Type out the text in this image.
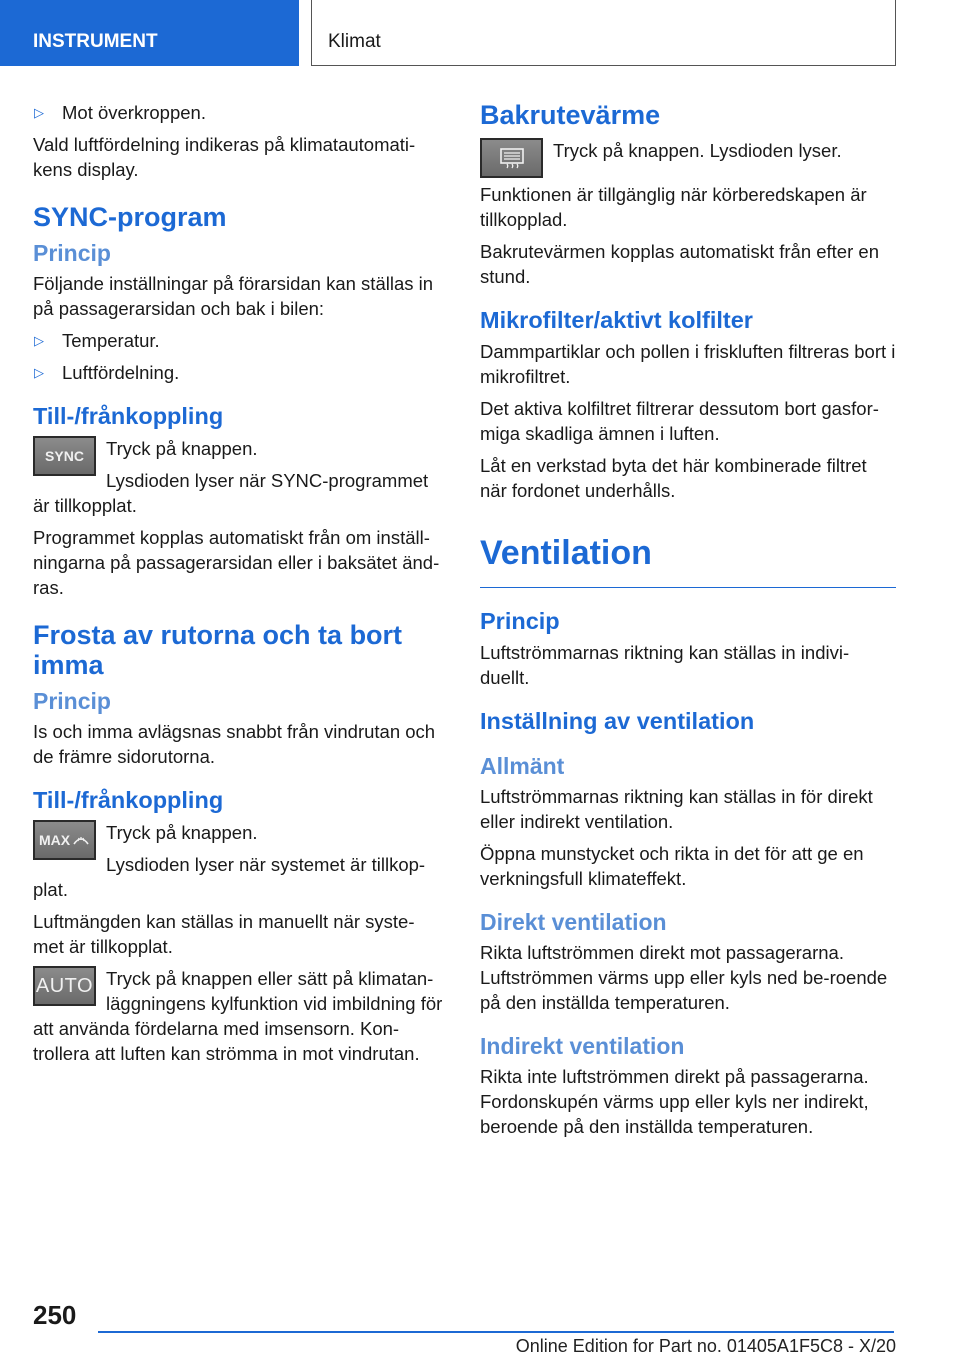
INSTRUMENT	Klimat
▷ Mot överkroppen.

Vald luftfördelning indikeras på klimatautomati‐kens display.

SYNC-program
Princip

Följande inställningar på förarsidan kan ställas in på passagerarsidan och bak i bilen:

▷ Temperatur.
▷ Luftfördelning.
Till-/frånkoppling
SYNC	Tryck på knappen.

Lysdioden lyser när SYNC-programmet är tillkopplat.

Programmet kopplas automatiskt från om inställ‐ningarna på passagerarsidan eller i baksätet änd‐ras.

Frosta av rutorna och ta bort imma
Princip

Is och imma avlägsnas snabbt från vindrutan och de främre sidorutorna.

Till-/frånkoppling
MAX	Tryck på knappen.

Lysdioden lyser när systemet är tillkop‐plat.

Luftmängden kan ställas in manuellt när syste‐met är tillkopplat.

AUTO Tryck på knappen eller sätt på klimatan‐läggningens kylfunktion vid imbildning för att använda fördelarna med imsensorn. Kon‐trollera att luften kan strömma in mot vindrutan.

Bakrutevärme

Tryck på knappen. Lysdioden lyser.

Funktionen är tillgänglig när körberedskapen är tillkopplad.

Bakrutevärmen kopplas automatiskt från efter en stund.

Mikrofilter/aktivt kolfilter

Dammpartiklar och pollen i friskluften filtreras bort i mikrofiltret.

Det aktiva kolfiltret filtrerar dessutom bort gasfor‐miga skadliga ämnen i luften.

Låt en verkstad byta det här kombinerade filtret när fordonet underhålls.

Ventilation
Princip

Luftströmmarnas riktning kan ställas in indivi‐duellt.

Inställning av ventilation
Allmänt

Luftströmmarnas riktning kan ställas in för direkt eller indirekt ventilation.

Öppna munstycket och rikta in det för att ge en verkningsfull klimateffekt.

Direkt ventilation

Rikta luftströmmen direkt mot passagerarna. Luftströmmen värms upp eller kyls ned be‐roende på den inställda temperaturen.

Indirekt ventilation

Rikta inte luftströmmen direkt på passagerarna. Fordonskupén värms upp eller kyls ner indirekt, beroende på den inställda temperaturen.

250
Online Edition for Part no. 01405A1F5C8 - X/20
